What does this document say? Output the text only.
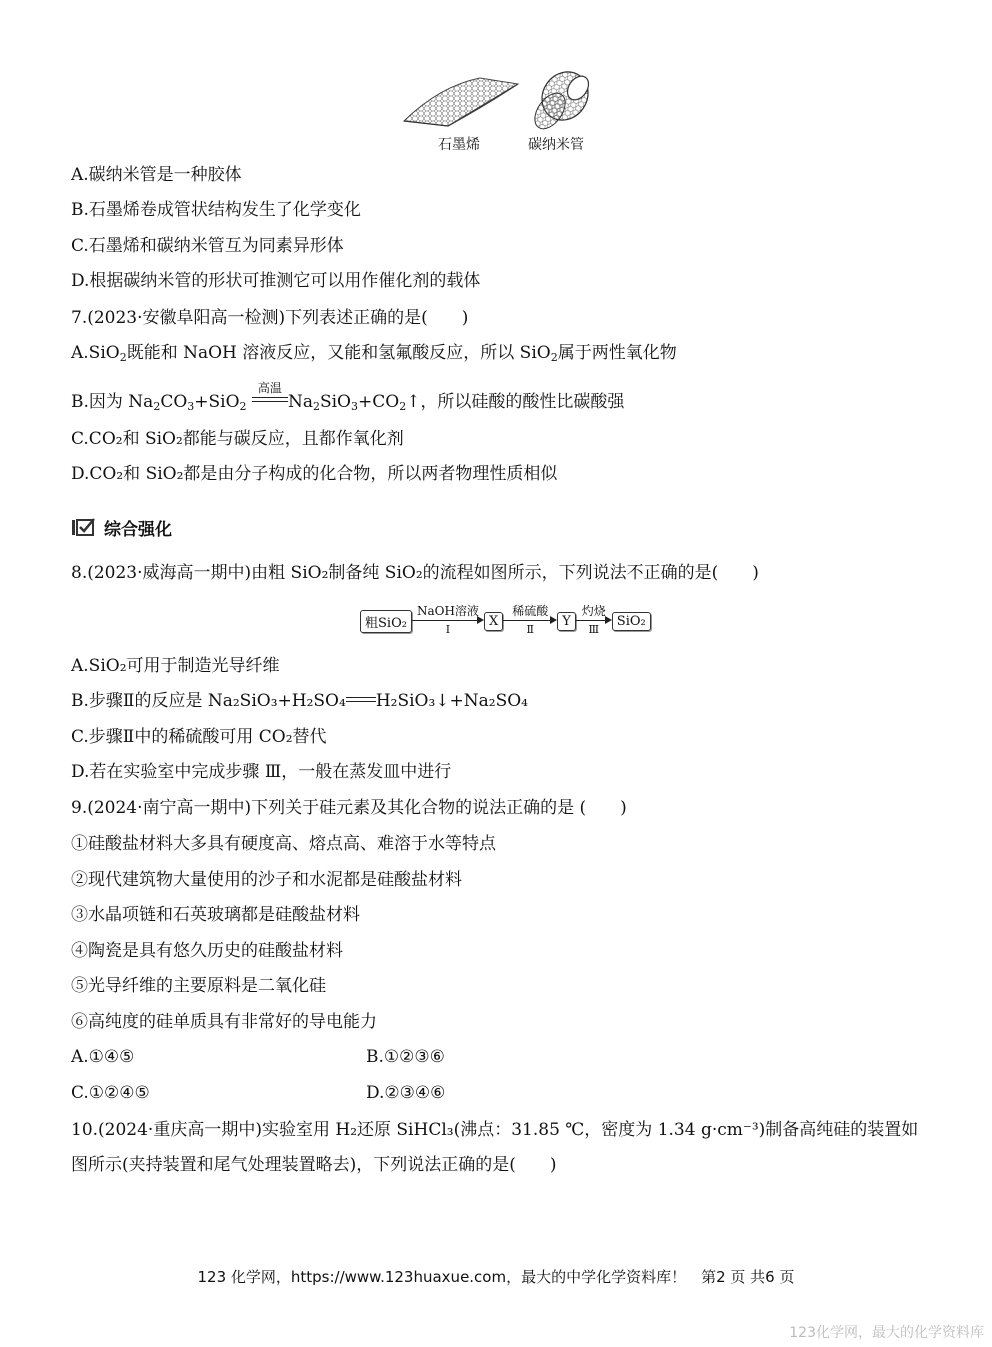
石墨烯	碳纳米管
A.碳纳米管是一种胶体
B.石墨烯卷成管状结构发生了化学变化
C.石墨烯和碳纳米管互为同素异形体
D.根据碳纳米管的形状可推测它可以用作催化剂的载体
7.(2023·安徽阜阳高一检测)下列表述正确的是(　　)
A.SiO$_2$既能和 NaOH 溶液反应，又能和氢氟酸反应，所以 SiO$_2$属于两性氧化物
B.因为 $Na_2CO_3+SiO_2$
高温
$Na_2SiO_3+CO_2↑$，所以硅酸的酸性比碳酸强
C.CO₂和 SiO₂都能与碳反应，且都作氧化剂
D.CO₂和 SiO₂都是由分子构成的化合物，所以两者物理性质相似
综合强化
8.(2023·威海高一期中)由粗 SiO₂制备纯 SiO₂的流程如图所示，下列说法不正确的是(　　)
粗SiO₂
NaOH溶液
Ⅰ
X
稀硫酸
Ⅱ
Y
灼烧
Ⅲ
SiO₂
A.SiO₂可用于制造光导纤维
B.步骤Ⅱ的反应是 Na₂SiO₃+H₂SO₄ H₂SiO₃↓+Na₂SO₄
C.步骤Ⅱ中的稀硫酸可用 CO₂替代
D.若在实验室中完成步骤 Ⅲ，一般在蒸发皿中进行
9.(2024·南宁高一期中)下列关于硅元素及其化合物的说法正确的是 (　　)
①硅酸盐材料大多具有硬度高、熔点高、难溶于水等特点
②现代建筑物大量使用的沙子和水泥都是硅酸盐材料
③水晶项链和石英玻璃都是硅酸盐材料
④陶瓷是具有悠久历史的硅酸盐材料
⑤光导纤维的主要原料是二氧化硅
⑥高纯度的硅单质具有非常好的导电能力
A.①④⑤	B.①②③⑥
C.①②④⑤	D.②③④⑥
10.(2024·重庆高一期中)实验室用 H₂还原 SiHCl₃(沸点：31.85 ℃，密度为 1.34 g·cm⁻³)制备高纯硅的装置如
图所示(夹持装置和尾气处理装置略去)，下列说法正确的是(　　)
123 化学网，https://www.123huaxue.com，最大的中学化学资料库！　第2 页 共6 页
123化学网，最大的化学资料库
